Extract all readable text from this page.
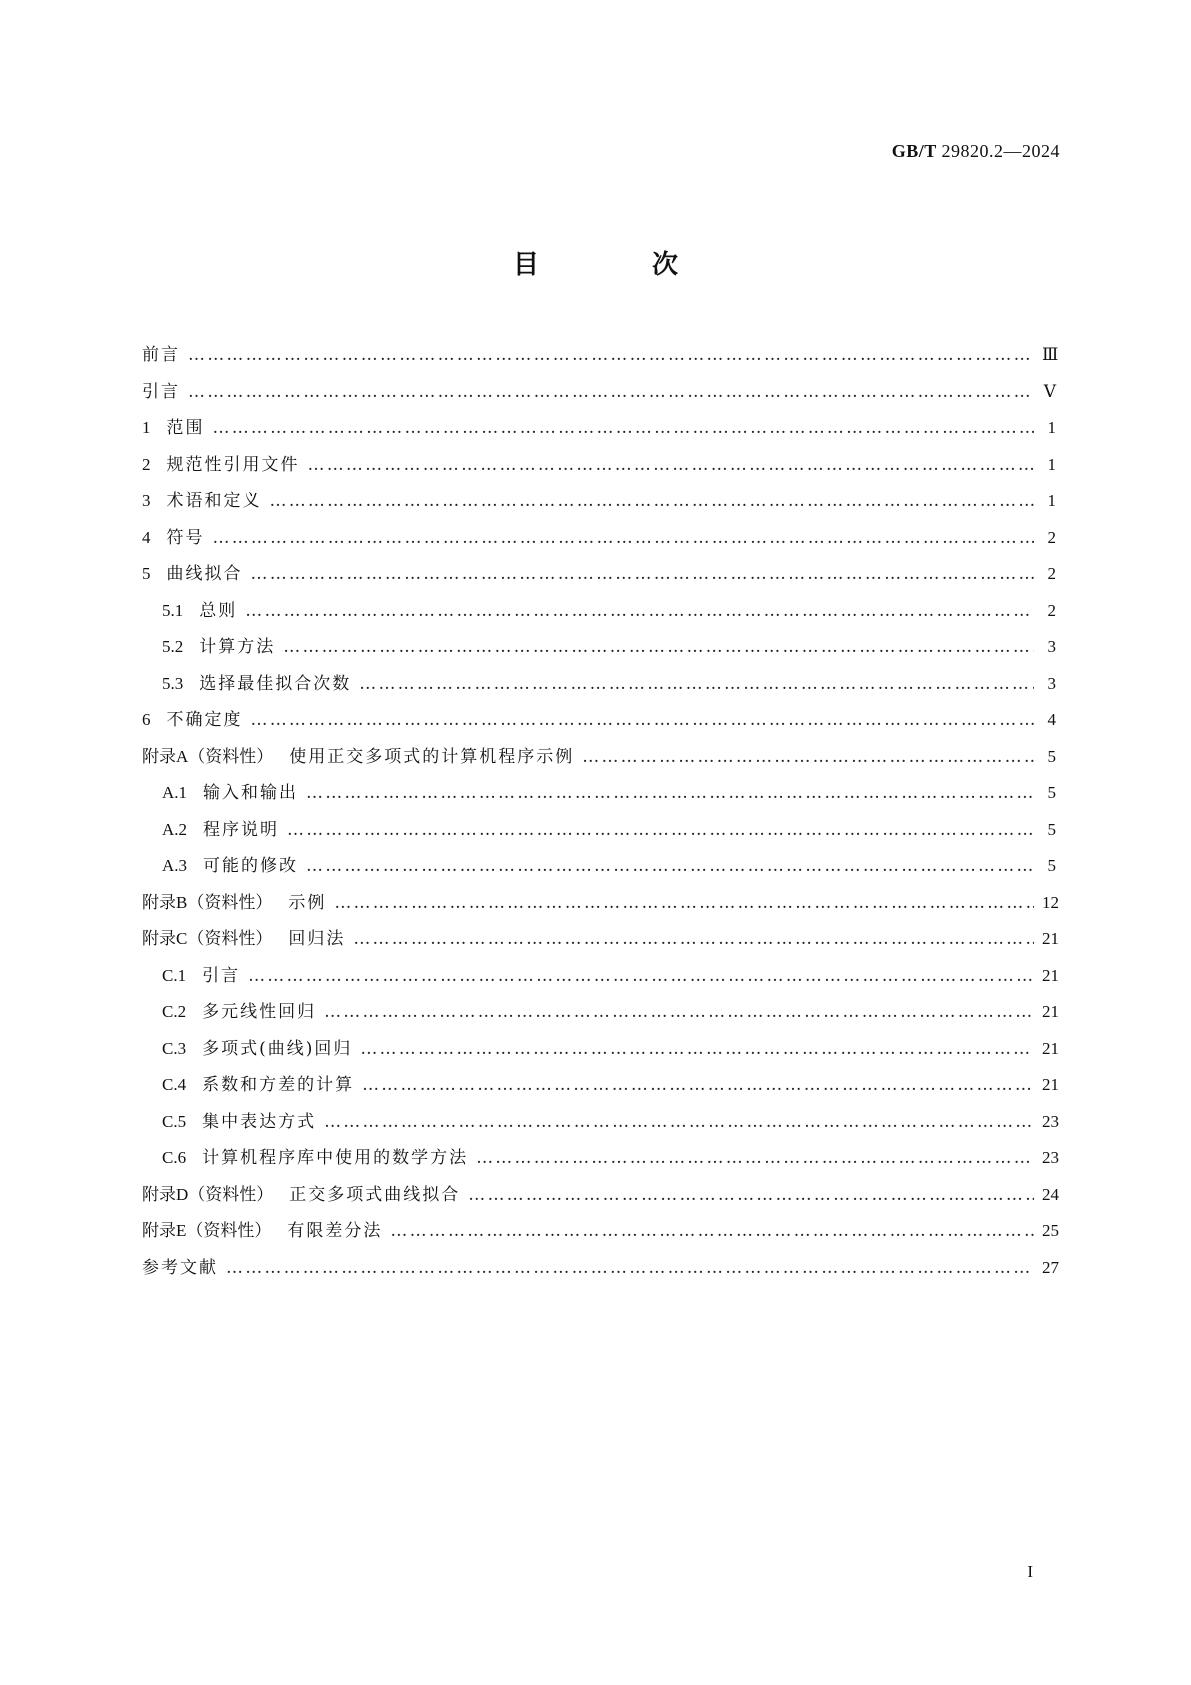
GB/T 29820.2—2024
目 次
前言 …………………………………………………………………………………………………………………………………………………………………………………………	Ⅲ
引言 …………………………………………………………………………………………………………………………………………………………………………………………	Ⅴ
1 范围 …………………………………………………………………………………………………………………………………………………………………………………………	1
2 规范性引用文件 …………………………………………………………………………………………………………………………………………………………………………………………	1
3 术语和定义 …………………………………………………………………………………………………………………………………………………………………………………………	1
4 符号 …………………………………………………………………………………………………………………………………………………………………………………………	2
5 曲线拟合 …………………………………………………………………………………………………………………………………………………………………………………………	2
5.1 总则 …………………………………………………………………………………………………………………………………………………………………………………………	2
5.2 计算方法 …………………………………………………………………………………………………………………………………………………………………………………………	3
5.3 选择最佳拟合次数 …………………………………………………………………………………………………………………………………………………………………………………………	3
6 不确定度 …………………………………………………………………………………………………………………………………………………………………………………………	4
附录A（资料性） 使用正交多项式的计算机程序示例 …………………………………………………………………………………………………………………………………………………………………………………………	5
A.1 输入和输出 …………………………………………………………………………………………………………………………………………………………………………………………	5
A.2 程序说明 …………………………………………………………………………………………………………………………………………………………………………………………	5
A.3 可能的修改 …………………………………………………………………………………………………………………………………………………………………………………………	5
附录B（资料性） 示例 …………………………………………………………………………………………………………………………………………………………………………………………	12
附录C（资料性） 回归法 …………………………………………………………………………………………………………………………………………………………………………………………	21
C.1 引言 …………………………………………………………………………………………………………………………………………………………………………………………	21
C.2 多元线性回归 …………………………………………………………………………………………………………………………………………………………………………………………	21
C.3 多项式(曲线)回归 …………………………………………………………………………………………………………………………………………………………………………………………	21
C.4 系数和方差的计算 …………………………………………………………………………………………………………………………………………………………………………………………	21
C.5 集中表达方式 …………………………………………………………………………………………………………………………………………………………………………………………	23
C.6 计算机程序库中使用的数学方法 …………………………………………………………………………………………………………………………………………………………………………………………	23
附录D（资料性） 正交多项式曲线拟合 …………………………………………………………………………………………………………………………………………………………………………………………	24
附录E（资料性） 有限差分法 …………………………………………………………………………………………………………………………………………………………………………………………	25
参考文献 …………………………………………………………………………………………………………………………………………………………………………………………	27
I
